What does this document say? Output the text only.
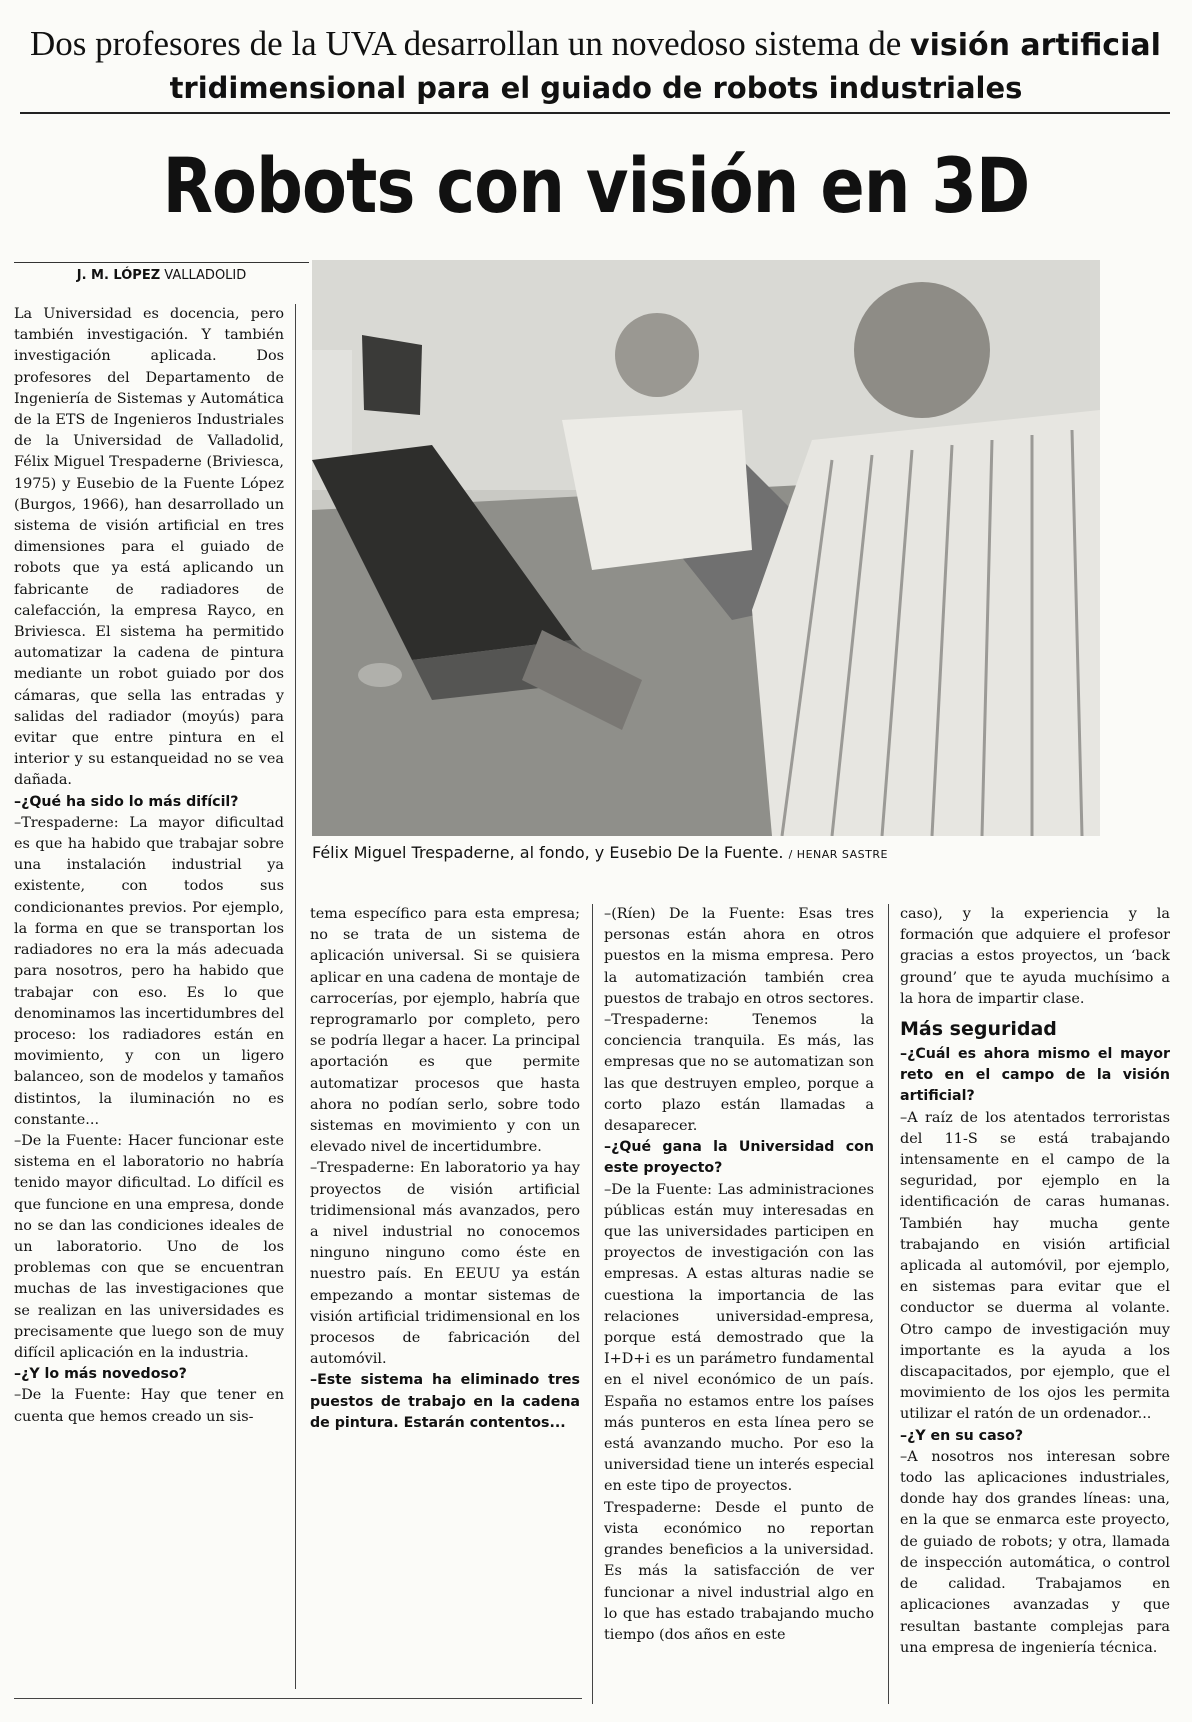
Dos profesores de la UVA desarrollan un novedoso sistema de visión artificial
tridimensional para el guiado de robots industriales
Robots con visión en 3D
J. M. LÓPEZ VALLADOLID
Félix Miguel Trespaderne, al fondo, y Eusebio De la Fuente. / HENAR SASTRE

La Universidad es docencia, pero también investigación. Y también investigación aplicada. Dos profesores del Departamento de Ingeniería de Sistemas y Automática de la ETS de Ingenieros Industriales de la Universidad de Valladolid, Félix Miguel Trespaderne (Briviesca, 1975) y Eusebio de la Fuente López (Burgos, 1966), han desarrollado un sistema de visión artificial en tres dimensiones para el guiado de robots que ya está aplicando un fabricante de radiadores de calefacción, la empresa Rayco, en Briviesca. El sistema ha permitido automatizar la cadena de pintura mediante un robot guiado por dos cámaras, que sella las entradas y salidas del radiador (moyús) para evitar que entre pintura en el interior y su estanqueidad no se vea dañada.

–¿Qué ha sido lo más difícil?

–Trespaderne: La mayor dificultad es que ha habido que trabajar sobre una instalación industrial ya existente, con todos sus condicionantes previos. Por ejemplo, la forma en que se transportan los radiadores no era la más adecuada para nosotros, pero ha habido que trabajar con eso. Es lo que denominamos las incertidumbres del proceso: los radiadores están en movimiento, y con un ligero balanceo, son de modelos y tamaños distintos, la iluminación no es constante...

–De la Fuente: Hacer funcionar este sistema en el laboratorio no habría tenido mayor dificultad. Lo difícil es que funcione en una empresa, donde no se dan las condiciones ideales de un laboratorio. Uno de los problemas con que se encuentran muchas de las investigaciones que se realizan en las universidades es precisamente que luego son de muy difícil aplicación en la industria.

–¿Y lo más novedoso?

–De la Fuente: Hay que tener en cuenta que hemos creado un sis-

tema específico para esta empresa; no se trata de un sistema de aplicación universal. Si se quisiera aplicar en una cadena de montaje de carrocerías, por ejemplo, habría que reprogramarlo por completo, pero se podría llegar a hacer. La principal aportación es que permite automatizar procesos que hasta ahora no podían serlo, sobre todo sistemas en movimiento y con un elevado nivel de incertidumbre.

–Trespaderne: En laboratorio ya hay proyectos de visión artificial tridimensional más avanzados, pero a nivel industrial no conocemos ninguno ninguno como éste en nuestro país. En EEUU ya están empezando a montar sistemas de visión artificial tridimensional en los procesos de fabricación del automóvil.

–Este sistema ha eliminado tres puestos de trabajo en la cadena de pintura. Estarán contentos...

–(Ríen) De la Fuente: Esas tres personas están ahora en otros puestos en la misma empresa. Pero la automatización también crea puestos de trabajo en otros sectores.

–Trespaderne: Tenemos la conciencia tranquila. Es más, las empresas que no se automatizan son las que destruyen empleo, porque a corto plazo están llamadas a desaparecer.

–¿Qué gana la Universidad con este proyecto?

–De la Fuente: Las administraciones públicas están muy interesadas en que las universidades participen en proyectos de investigación con las empresas. A estas alturas nadie se cuestiona la importancia de las relaciones universidad-empresa, porque está demostrado que la I+D+i es un parámetro fundamental en el nivel económico de un país. España no estamos entre los países más punteros en esta línea pero se está avanzando mucho. Por eso la universidad tiene un interés especial en este tipo de proyectos.

Trespaderne: Desde el punto de vista económico no reportan grandes beneficios a la universidad. Es más la satisfacción de ver funcionar a nivel industrial algo en lo que has estado trabajando mucho tiempo (dos años en este

caso), y la experiencia y la formación que adquiere el profesor gracias a estos proyectos, un ‘back ground’ que te ayuda muchísimo a la hora de impartir clase.

Más seguridad

–¿Cuál es ahora mismo el mayor reto en el campo de la visión artificial?

–A raíz de los atentados terroristas del 11-S se está trabajando intensamente en el campo de la seguridad, por ejemplo en la identificación de caras humanas. También hay mucha gente trabajando en visión artificial aplicada al automóvil, por ejemplo, en sistemas para evitar que el conductor se duerma al volante. Otro campo de investigación muy importante es la ayuda a los discapacitados, por ejemplo, que el movimiento de los ojos les permita utilizar el ratón de un ordenador...

–¿Y en su caso?

–A nosotros nos interesan sobre todo las aplicaciones industriales, donde hay dos grandes líneas: una, en la que se enmarca este proyecto, de guiado de robots; y otra, llamada de inspección automática, o control de calidad. Trabajamos en aplicaciones avanzadas y que resultan bastante complejas para una empresa de ingeniería técnica.
